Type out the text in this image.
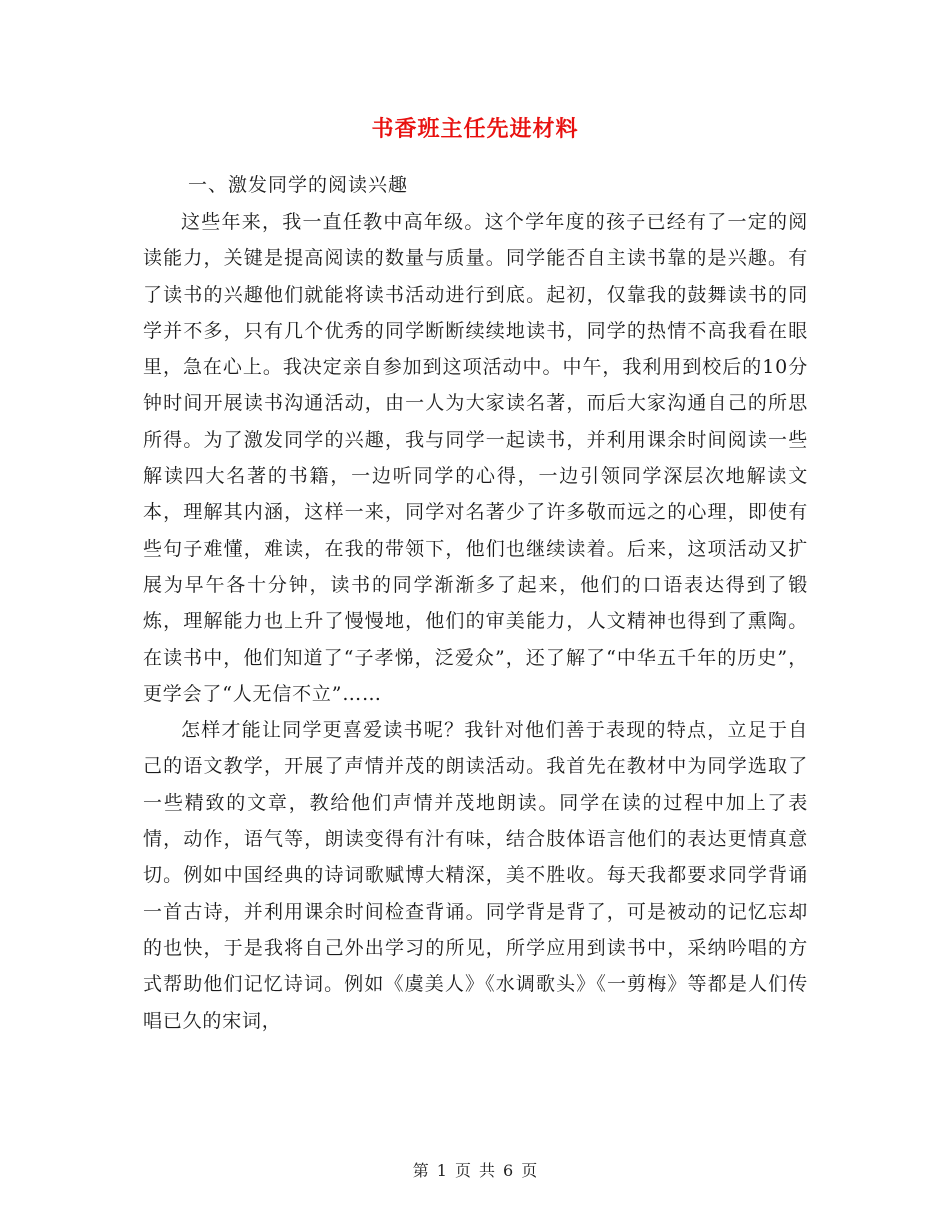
书香班主任先进材料
一、激发同学的阅读兴趣

这些年来，我一直任教中高年级。这个学年度的孩子已经有了一定的阅读能力，关键是提高阅读的数量与质量。同学能否自主读书靠的是兴趣。有了读书的兴趣他们就能将读书活动进行到底。起初，仅靠我的鼓舞读书的同学并不多，只有几个优秀的同学断断续续地读书，同学的热情不高我看在眼里，急在心上。我决定亲自参加到这项活动中。中午，我利用到校后的10分钟时间开展读书沟通活动，由一人为大家读名著，而后大家沟通自己的所思所得。为了激发同学的兴趣，我与同学一起读书，并利用课余时间阅读一些解读四大名著的书籍，一边听同学的心得，一边引领同学深层次地解读文本，理解其内涵，这样一来，同学对名著少了许多敬而远之的心理，即使有些句子难懂，难读，在我的带领下，他们也继续读着。后来，这项活动又扩展为早午各十分钟，读书的同学渐渐多了起来，他们的口语表达得到了锻炼，理解能力也上升了慢慢地，他们的审美能力，人文精神也得到了熏陶。在读书中，他们知道了“子孝悌，泛爱众”，还了解了“中华五千年的历史”，更学会了“人无信不立”……

怎样才能让同学更喜爱读书呢？我针对他们善于表现的特点，立足于自己的语文教学，开展了声情并茂的朗读活动。我首先在教材中为同学选取了一些精致的文章，教给他们声情并茂地朗读。同学在读的过程中加上了表情，动作，语气等，朗读变得有汁有味，结合肢体语言他们的表达更情真意切。例如中国经典的诗词歌赋博大精深，美不胜收。每天我都要求同学背诵一首古诗，并利用课余时间检查背诵。同学背是背了，可是被动的记忆忘却的也快，于是我将自己外出学习的所见，所学应用到读书中，采纳吟唱的方式帮助他们记忆诗词。例如《虞美人》《水调歌头》《一剪梅》等都是人们传唱已久的宋词，

第 1 页 共 6 页
